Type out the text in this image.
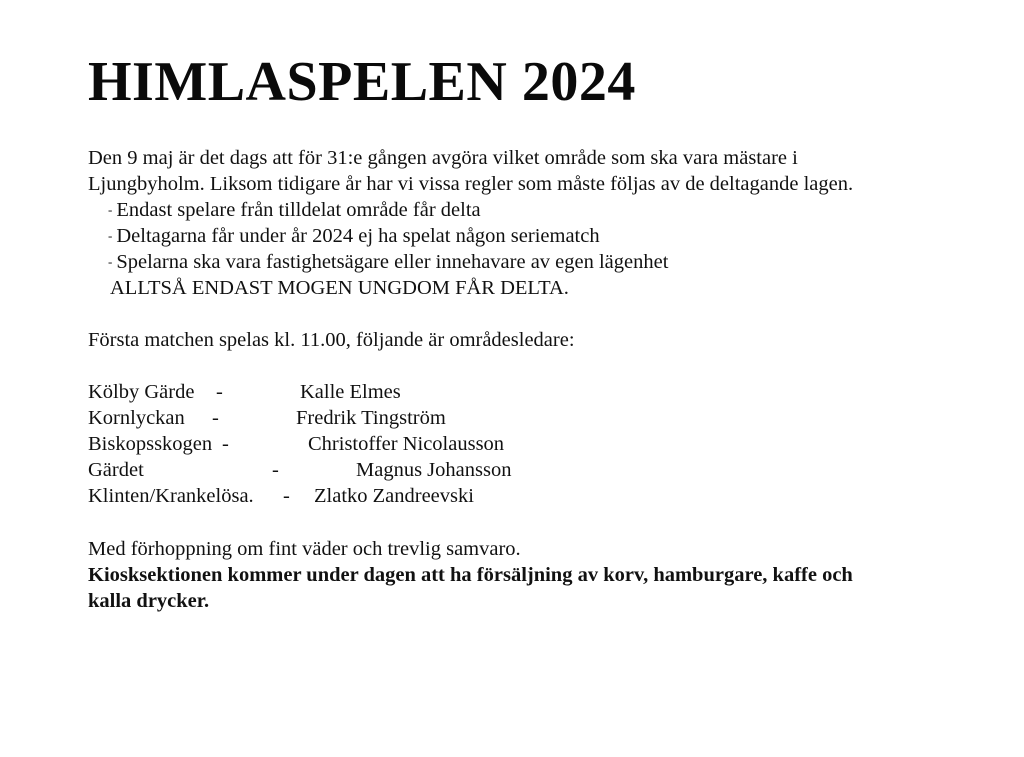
HIMLASPELEN 2024
Den 9 maj är det dags att för 31:e gången avgöra vilket område som ska vara mästare i
Ljungbyholm. Liksom tidigare år har vi vissa regler som måste följas av de deltagande lagen.
- Endast spelare från tilldelat område får delta
- Deltagarna får under år 2024 ej ha spelat någon seriematch
- Spelarna ska vara fastighetsägare eller innehavare av egen lägenhet
ALLTSÅ ENDAST MOGEN UNGDOM FÅR DELTA.
Första matchen spelas kl. 11.00, följande är områdesledare:
Kölby Gärde -	Kalle Elmes
Kornlyckan -	Fredrik Tingström
Biskopsskogen -	Christoffer Nicolausson
Gärdet	-	Magnus Johansson
Klinten/Krankelösa. - Zlatko Zandreevski
Med förhoppning om fint väder och trevlig samvaro.
Kiosksektionen kommer under dagen att ha försäljning av korv, hamburgare, kaffe och
kalla drycker.
